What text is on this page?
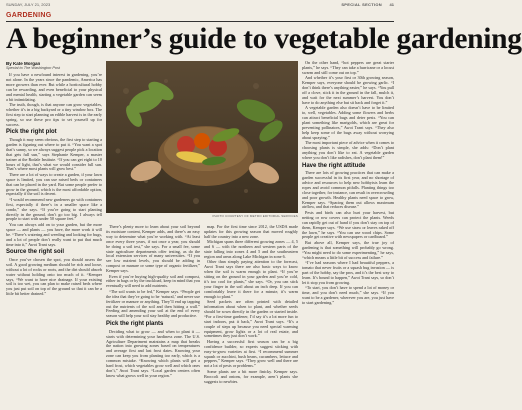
SUNDAY, JULY 21, 2023	SPECIAL SECTION 41
GARDENING
A beginner’s guide to vegetable gardening
By Kate Morgan
Special to The Washington Post

If you have a newfound interest in gardening, you’re not alone. In the years since the pandemic, America has more growers than ever. But while a horticultural hobby can be rewarding, and even beneficial to your physical and mental health, starting a vegetable garden can seem a bit intimidating.

The truth, though, is that anyone can grow vegetables, whether it’s in a big backyard or a tiny window box. The first step to start planning an edible harvest is in the early spring, so use these pro tips to set yourself up for success.

Pick the right plot

Though it may seem obvious, the first step to starting a garden is figuring out where to put it. “You want a spot that’s sunny, so we always suggest people pick a location that gets full sun,” says Stephanie Kemper, a master trainer at the Rodale Institute. “If you can get eight to 10 hours of light, that’s what we would consider full sun. That’s where most plants will grow best.”

There are a lot of ways to create a garden, if your lawn space is limited, you can use raised beds or containers that can be placed in the yard. But some people prefer to grow in the ground, which is the most affordable option, especially if the soil is decent.

“I would recommend new gardeners go with containers first, especially if there’s in a smaller space like a condo,” she says. “If you’re going to start planting directly in the ground, don’t go too big. I always tell people to start with under 50 square feet.”

You can always add on to your garden, but the more space — and plants — you have, the more work it will be. “There’s watering and weeding and looking for bugs, and a lot of people don’t really want to put that much time into it,” Awoi Trant says.

Source the right soil

Once you’ve chosen the spot, you should assess the soil. A good growing medium should be rich and loose, without a lot of rocks or roots, and the dirt should absorb water without holding onto too much of it. “Kemper says, “We want to have nice drainage. If your existing soil is too wet, you can plan to make raised beds where you just put soil on top of the ground so that it can be a little bit better drained.”

PHOTO COURTESY OF METRO EDITORIAL SERVICES

There’s plenty more to learn about your soil beyond its moisture content, Kemper adds, and there’s an easy way to determine what you’re working with. “At least once every three years, if not once a year, you should be doing a soil test,” she says. For a small fee, some state agriculture departments offer testing, as do the local extension services of many universities. “If you see low nutrient levels, you should be adding in compost or manure or some type of organic fertilizer,” Kemper says.

Even if you’re buying high-quality soil and compost, either in bags or by the truckload, keep in mind that you eventually will need to add nutrients.

“The soil wants to be fed,” Kemper says. “People get the idea that they’re going to be ‘natural,’ and never use fertilizer or manure or anything. They’ll end up tapping out the nutrients of the soil and then hitting a wall.” Feeding and amending your soil at the end of every season will help your soil stay healthy and productive.

Pick the right plants

Deciding what to grow — and when to plant it — starts with determining your hardiness zone. The U.S. Agriculture Department maintains a map that breaks the nation into growing zones based on temperatures and average first and last frost dates. Knowing your zone can keep you from planting too early, which is a common mistake. “Knowing which plants will get a hard frost, which vegetables grow well and which ones don’t,” Awoi Trant says. “Local garden centers often know what grows well in your region.”

map. For the first time since 2012, the USDA made updates for this growing season that moved roughly half the country into a new zone.

Michigan spans three different growing zones — 4, 5 and 6 — with the northern and western parts of the state falling into zones 4 and 5 and the southeastern region and areas along Lake Michigan in zone 6.

Other than simply paying attention to the forecast, Awoi Trant says there are also basic ways to know when the soil is warm enough to plant. “If you’re sitting on the ground in your garden and you’re cold, it’s too cool for plants,” she says. “Or, you can stick your finger in the soil about an inch deep. If you can comfortably leave it there for a minute, it’s warm enough to plant.”

Seed packets are often printed with detailed information about when to plant, and whether seeds should be sown directly in the garden or started inside. “For a first-time gardener, I’d say it’s a lot more fun to start indoors, put it back,” Awoi Trant says. “It’s a couple of steps up because you need special warming equipment, grow lights or a lot of real estate, and sometimes they just don’t work.”

Having a successful first season can be a big confidence builder, so experts suggest sticking with easy-to-grow varieties at first. “I recommend summer squash or zucchini, bush beans, cucumbers, lettuce and peppers,” Kemper says. “They grow well and there are not a lot of pests or problems.”

Some plants are a bit more finicky. Kemper says. Broccoli and onions, for example, aren’t plants she suggests to newbies.

On the other hand, “hot peppers are great starter plants,” he says. “They can take a hurricane or a locust swarm and still come out on top.”

And whether it’s your first or 30th growing season, Kemper says, everyone should be growing garlic. “I don’t think there’s anything easier,” he says. “You pull off a clove, stick it in the ground in the fall, mulch it, and wait for the next summer’s harvest. You don’t have to do anything else but sit back and forget it.”

A vegetable garden also doesn’t have to be limited to, well, vegetables. Adding some flowers and herbs can attract beneficial bugs and deter pests. “You can plant something like marigolds, which are great for preventing pollinators,” Awoi Trant says. “They also help keep some of the bugs away without worrying about spraying.”

The most important piece of advice when it comes to choosing plants is simple, she adds: “Don’t plant anything you don’t like to eat. A vegetable garden where you don’t like radishes, don’t plant them!”

Have the right attitude

There are lots of growing practices that can make a garden successful in its first year, and no shortage of advice and resources to help new hobbyists learn the ropes and avoid common pitfalls. Planting things too close together, for instance, can result in overcrowding and poor growth. Healthy plants need space to grow, Kemper says. “Spacing them out allows maximum airflow, and that reduces disease.”

Pests and birds can also hurt your harvest, but netting or row covers can protect the plants. Weeds can rapidly get out of hand if you don’t stay on top of them, Kemper says. “We use straw or leaves raked off the lawn,” he says. “You can use wood chips. Some people get creative with newspapers or cardboard.”

But above all, Kemper says, the true joy of gardening is that something will probably go wrong. “You might need to do some experimenting,” he says, “which means a little bit of success and failure.”

“I’ve had seasons where I had beautiful peppers, a tomato that never fruits or a squash bug invasion — is part of the hobby, say the pros, and it’s the best way to learn. It’s bound to happen,” Awoi Trant says, so don’t let it stop you from growing.

“To start, you don’t have to spend a lot of money or time, and you don’t need much,” she says. “If you want to be a gardener, wherever you are, you just have to start gardening.”
